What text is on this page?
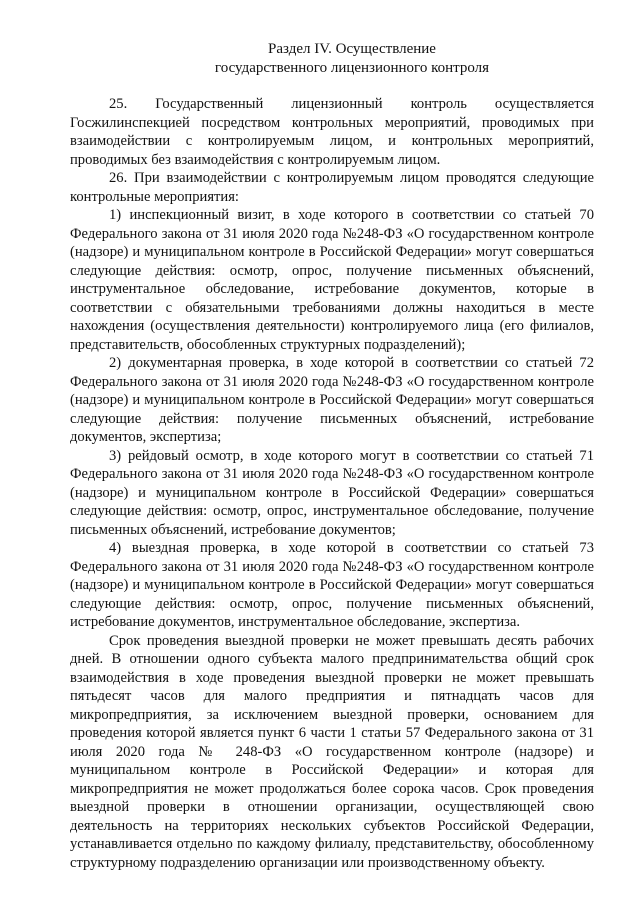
Раздел IV. Осуществление
государственного лицензионного контроля

25. Государственный лицензионный контроль осуществляется Госжилинспекцией посредством контрольных мероприятий, проводимых при взаимодействии с контролируемым лицом, и контрольных мероприятий, проводимых без взаимодействия с контролируемым лицом.

26. При взаимодействии с контролируемым лицом проводятся следующие контрольные мероприятия:

1) инспекционный визит, в ходе которого в соответствии со статьей 70 Федерального закона от 31 июля 2020 года №248-ФЗ «О государственном контроле (надзоре) и муниципальном контроле в Российской Федерации» могут совершаться следующие действия: осмотр, опрос, получение письменных объяснений, инструментальное обследование, истребование документов, которые в соответствии с обязательными требованиями должны находиться в месте нахождения (осуществления деятельности) контролируемого лица (его филиалов, представительств, обособленных структурных подразделений);

2) документарная проверка, в ходе которой в соответствии со статьей 72 Федерального закона от 31 июля 2020 года №248-ФЗ «О государственном контроле (надзоре) и муниципальном контроле в Российской Федерации» могут совершаться следующие действия: получение письменных объяснений, истребование документов, экспертиза;

3) рейдовый осмотр, в ходе которого могут в соответствии со статьей 71 Федерального закона от 31 июля 2020 года №248-ФЗ «О государственном контроле (надзоре) и муниципальном контроле в Российской Федерации» совершаться следующие действия: осмотр, опрос, инструментальное обследование, получение письменных объяснений, истребование документов;

4) выездная проверка, в ходе которой в соответствии со статьей 73 Федерального закона от 31 июля 2020 года №248-ФЗ «О государственном контроле (надзоре) и муниципальном контроле в Российской Федерации» могут совершаться следующие действия: осмотр, опрос, получение письменных объяснений, истребование документов, инструментальное обследование, экспертиза.

Срок проведения выездной проверки не может превышать десять рабочих дней. В отношении одного субъекта малого предпринимательства общий срок взаимодействия в ходе проведения выездной проверки не может превышать пятьдесят часов для малого предприятия и пятнадцать часов для микропредприятия, за исключением выездной проверки, основанием для проведения которой является пункт 6 части 1 статьи 57 Федерального закона от 31 июля 2020 года № 248-ФЗ «О государственном контроле (надзоре) и муниципальном контроле в Российской Федерации» и которая для микропредприятия не может продолжаться более сорока часов. Срок проведения выездной проверки в отношении организации, осуществляющей свою деятельность на территориях нескольких субъектов Российской Федерации, устанавливается отдельно по каждому филиалу, представительству, обособленному структурному подразделению организации или производственному объекту.
